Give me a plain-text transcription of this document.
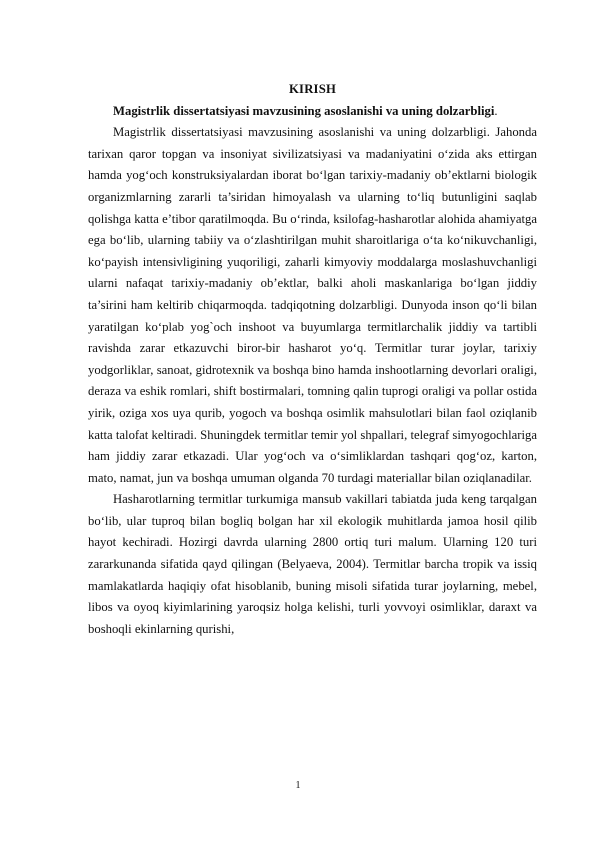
KIRISH

Magistrlik dissertatsiyasi mavzusining asoslanishi va uning dolzarbligi.

Magistrlik dissertatsiyasi mavzusining asoslanishi va uning dolzarbligi. Jahonda tarixan qaror topgan va insoniyat sivilizatsiyasi va madaniyatini o‘zida aks ettirgan hamda yog‘och konstruksiyalardan iborat bo‘lgan tarixiy-madaniy ob’ektlarni biologik organizmlarning zararli ta’siridan himoyalash va ularning to‘liq butunligini saqlab qolishga katta e’tibor qaratilmoqda. Bu o‘rinda, ksilofag-hasharotlar alohida ahamiyatga ega bo‘lib, ularning tabiiy va o‘zlashtirilgan muhit sharoitlariga o‘ta ko‘nikuvchanligi, ko‘payish intensivligining yuqoriligi, zaharli kimyoviy moddalarga moslashuvchanligi ularni nafaqat tarixiy-madaniy ob’ektlar, balki aholi maskanlariga bo‘lgan jiddiy ta’sirini ham keltirib chiqarmoqda. tadqiqotning dolzarbligi. Dunyoda inson qo‘li bilan yaratilgan ko‘plab yog`och inshoot va buyumlarga termitlarchalik jiddiy va tartibli ravishda zarar etkazuvchi biror-bir hasharot yo‘q. Termitlar turar joylar, tarixiy yodgorliklar, sanoat, gidrotexnik va boshqa bino hamda inshootlarning devorlari oraligi, deraza va eshik romlari, shift bostirmalari, tomning qalin tuprogi oraligi va pollar ostida yirik, oziga xos uya qurib, yogoch va boshqa osimlik mahsulotlari bilan faol oziqlanib katta talofat keltiradi. Shuningdek termitlar temir yol shpallari, telegraf simyogochlariga ham jiddiy zarar etkazadi. Ular yog‘och va o‘simliklardan tashqari qog‘oz, karton, mato, namat, jun va boshqa umuman olganda 70 turdagi materiallar bilan oziqlanadilar.

Hasharotlarning termitlar turkumiga mansub vakillari tabiatda juda keng tarqalgan bo‘lib, ular tuproq bilan bogliq bolgan har xil ekologik muhitlarda jamoa hosil qilib hayot kechiradi. Hozirgi davrda ularning 2800 ortiq turi malum. Ularning 120 turi zararkunanda sifatida qayd qilingan (Belyaeva, 2004). Termitlar barcha tropik va issiq mamlakatlarda haqiqiy ofat hisoblanib, buning misoli sifatida turar joylarning, mebel, libos va oyoq kiyimlarining yaroqsiz holga kelishi, turli yovvoyi osimliklar, daraxt va boshoqli ekinlarning qurishi,

1
